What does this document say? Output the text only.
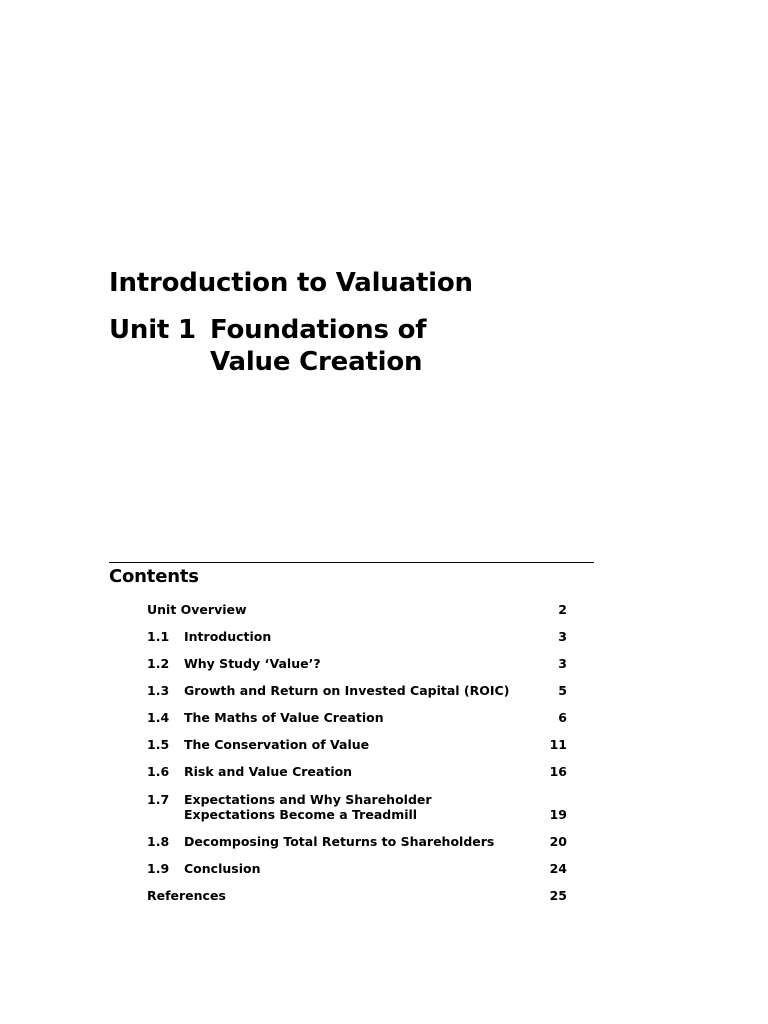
Introduction to Valuation
Unit 1 Foundations of Value Creation
Contents
Unit Overview	2
1.1 Introduction	3
1.2 Why Study ‘Value’?	3
1.3 Growth and Return on Invested Capital (ROIC)	5
1.4 The Maths of Value Creation	6
1.5 The Conservation of Value	11
1.6 Risk and Value Creation	16
1.7 Expectations and Why Shareholder Expectations Become a Treadmill	19
1.8 Decomposing Total Returns to Shareholders	20
1.9 Conclusion	24
References	25
